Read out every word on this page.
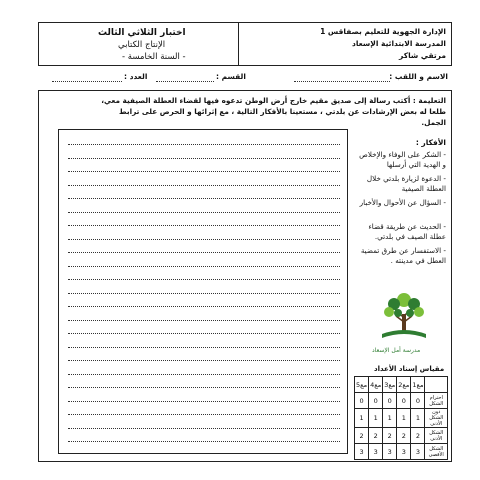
اختبار الثلاثي الثالث
الإنتاج الكتابي
- السنة الخامسة -
الإدارة الجهوية للتعليم بصفاقس 1
المدرسة الابتدائية الإسعاد
مرتقي شاكر
الاسم و اللقب :
القسم :
العدد :
التعليمة : أكتب رسالة إلى صديق مقيم خارج أرض الوطن تدعوه فيها لقضاء العطلة الصيفية معي،
طلعا له بعض الإرشادات عن بلدتي ، مستعينا بالأفكار التالية ، مع إثرائها و الحرص على ترابط
الجمل.
الأفكار :
- الشكر على الوفاء والإخلاص و الهدية التي أرسلها
- الدعوة لزيارة بلدتي خلال العطلة الصيفية
- السؤال عن الأحوال والأخبار
- الحديث عن طريقة قضاء عطلة الصيف في بلدتي.
- الاستفسار عن طرق تمضية العطل في مدينته .
مدرسة أمل الإسعاد
مقياس إسناد الأعداد
	مع1	مع2	مع3	مع4	مع5
احترام الشكل	0	0	0	0	0
دون الشكل الأدنى	1	1	1	1	1
الشكل الأدنى	2	2	2	2	2
الشكل الأقصى	3	3	3	3	3
